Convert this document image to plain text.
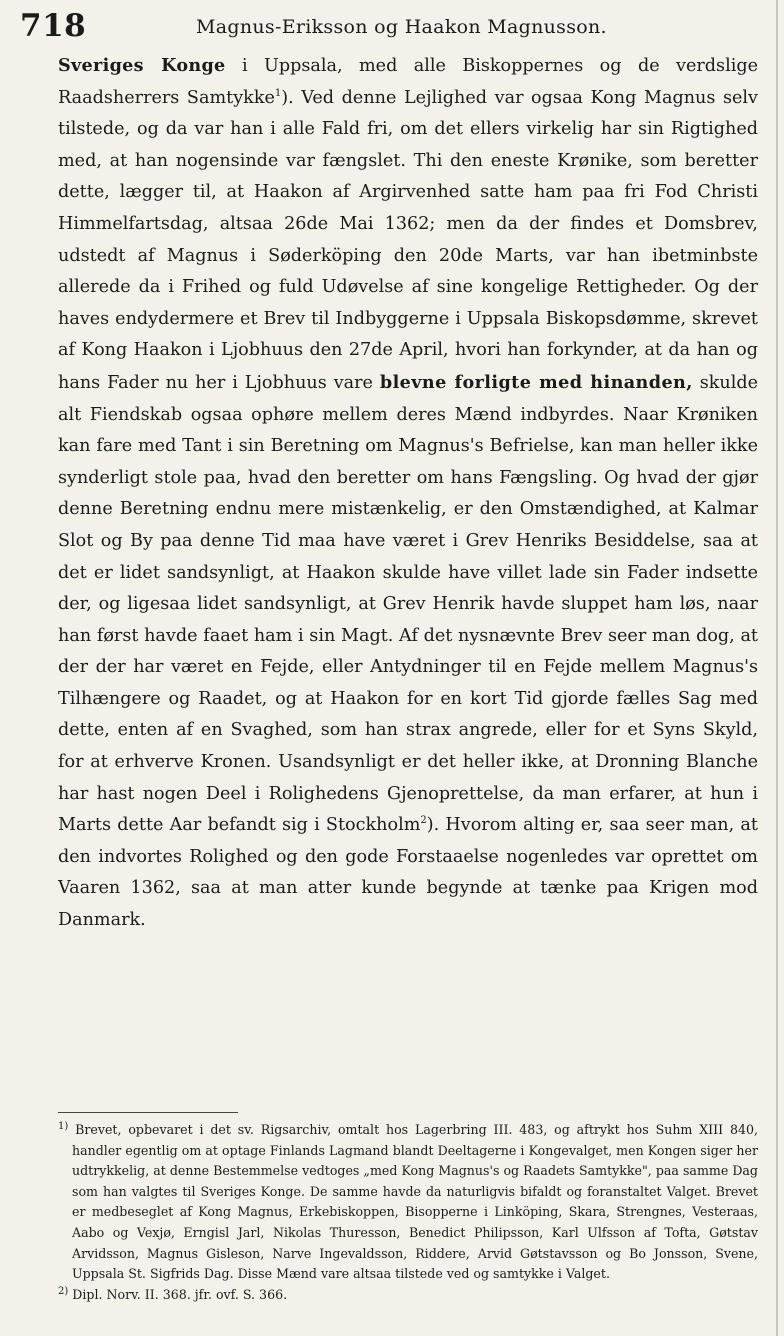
718	Magnus-Eriksson og Haakon Magnusson.

Sveriges Konge i Uppsala, med alle Biskoppernes og de verdslige Raadsherrers Samtykke$^1$). Ved denne Lejlighed var ogsaa Kong Magnus selv tilstede, og da var han i alle Fald fri, om det ellers virkelig har sin Rigtighed med, at han nogensinde var fængslet. Thi den eneste Krønike, som beretter dette, lægger til, at Haakon af Argirvenhed satte ham paa fri Fod Christi Himmelfartsdag, altsaa 26de Mai 1362; men da der findes et Domsbrev, udstedt af Magnus i Søderköping den 20de Marts, var han ibetminbste allerede da i Frihed og fuld Udøvelse af sine kongelige Rettigheder. Og der haves endydermere et Brev til Indbyggerne i Uppsala Biskopsdømme, skrevet af Kong Haakon i Ljobhuus den 27de April, hvori han forkynder, at da han og hans Fader nu her i Ljobhuus vare blevne forligte med hinanden, skulde alt Fiendskab ogsaa ophøre mellem deres Mænd indbyrdes. Naar Krøniken kan fare med Tant i sin Beretning om Magnus's Befrielse, kan man heller ikke synderligt stole paa, hvad den beretter om hans Fængsling. Og hvad der gjør denne Beretning endnu mere mistænkelig, er den Omstændighed, at Kalmar Slot og By paa denne Tid maa have været i Grev Henriks Besiddelse, saa at det er lidet sandsynligt, at Haakon skulde have villet lade sin Fader indsette der, og ligesaa lidet sandsynligt, at Grev Henrik havde sluppet ham løs, naar han først havde faaet ham i sin Magt. Af det nysnævnte Brev seer man dog, at der der har været en Fejde, eller Antydninger til en Fejde mellem Magnus's Tilhængere og Raadet, og at Haakon for en kort Tid gjorde fælles Sag med dette, enten af en Svaghed, som han strax angrede, eller for et Syns Skyld, for at erhverve Kronen. Usandsynligt er det heller ikke, at Dronning Blanche har hast nogen Deel i Rolighedens Gjenoprettelse, da man erfarer, at hun i Marts dette Aar befandt sig i Stockholm$^2$). Hvorom alting er, saa seer man, at den indvortes Rolighed og den gode Forstaaelse nogenledes var oprettet om Vaaren 1362, saa at man atter kunde begynde at tænke paa Krigen mod Danmark.

$^{1)}$ Brevet, opbevaret i det sv. Rigsarchiv, omtalt hos Lagerbring III. 483, og aftrykt hos Suhm XIII 840, handler egentlig om at optage Finlands Lagmand blandt Deeltagerne i Kongevalget, men Kongen siger her udtrykkelig, at denne Bestemmelse vedtoges „med Kong Magnus's og Raadets Samtykke", paa samme Dag som han valgtes til Sveriges Konge. De samme havde da naturligvis bifaldt og foranstaltet Valget. Brevet er medbeseglet af Kong Magnus, Erkebiskoppen, Bisopperne i Linköping, Skara, Strengnes, Vesteraas, Aabo og Vexjø, Erngisl Jarl, Nikolas Thuresson, Benedict Philipsson, Karl Ulfsson af Tofta, Gøtstav Arvidsson, Magnus Gisleson, Narve Ingevaldsson, Riddere, Arvid Gøtstavsson og Bo Jonsson, Svene, Uppsala St. Sigfrids Dag. Disse Mænd vare altsaa tilstede ved og samtykke i Valget.

$^{2)}$ Dipl. Norv. II. 368. jfr. ovf. S. 366.
